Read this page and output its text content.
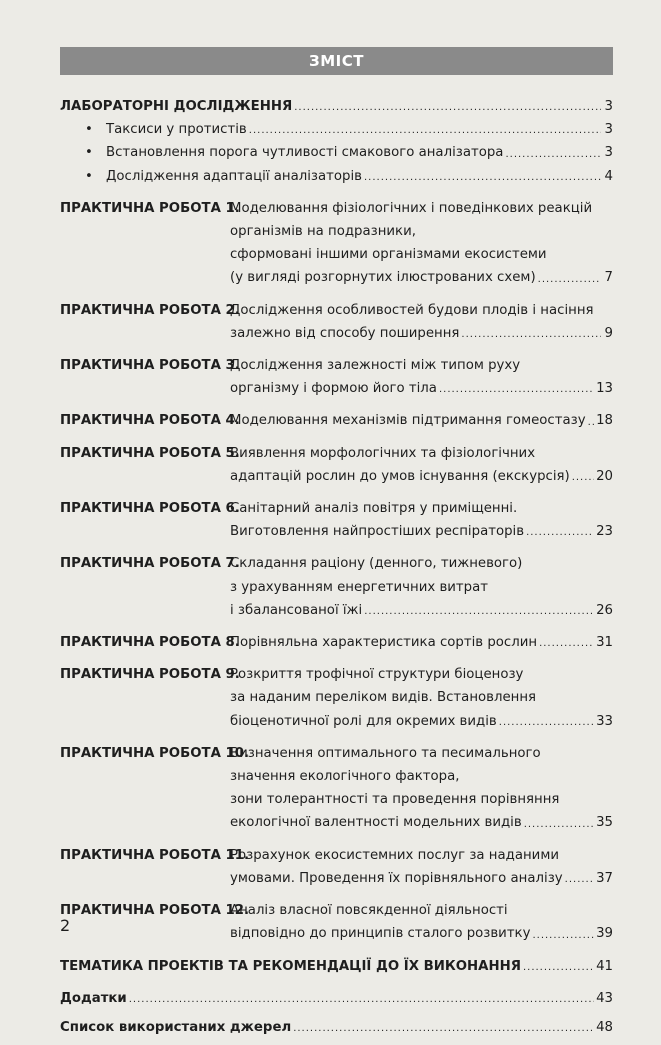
ЗМІСТ
ЛАБОРАТОРНІ ДОСЛІДЖЕННЯ .....	3
•
Таксиси у протистів .....	3
•
Встановлення порога чутливості смакового аналізатора .....	3
•
Дослідження адаптації аналізаторів .....	4
ПРАКТИЧНА РОБОТА 1.
Моделювання фізіологічних і поведінкових реакцій
організмів на подразники,
сформовані іншими організмами екосистеми
(у вигляді розгорнутих ілюстрованих схем) .....	7
ПРАКТИЧНА РОБОТА 2.
Дослідження особливостей будови плодів і насіння
залежно від способу поширення .....	9
ПРАКТИЧНА РОБОТА 3.
Дослідження залежності між типом руху
організму і формою його тіла .....	13
ПРАКТИЧНА РОБОТА 4.
Моделювання механізмів підтримання гомеостазу ..... 18
ПРАКТИЧНА РОБОТА 5.
Виявлення морфологічних та фізіологічних
адаптацій рослин до умов існування (екскурсія) ..... 20
ПРАКТИЧНА РОБОТА 6.
Санітарний аналіз повітря у приміщенні.
Виготовлення найпростіших респіраторів .....	23
ПРАКТИЧНА РОБОТА 7.
Складання раціону (денного, тижневого)
з урахуванням енергетичних витрат
і збалансованої їжі .....	26
ПРАКТИЧНА РОБОТА 8.
Порівняльна характеристика сортів рослин .....	31
ПРАКТИЧНА РОБОТА 9.
Розкриття трофічної структури біоценозу
за наданим переліком видів. Встановлення
біоценотичної ролі для окремих видів .....	33
ПРАКТИЧНА РОБОТА 10.
Визначення оптимального та песимального
значення екологічного фактора,
зони толерантності та проведення порівняння
екологічної валентності модельних видів .....	35
ПРАКТИЧНА РОБОТА 11.
Розрахунок екосистемних послуг за наданими
умовами. Проведення їх порівняльного аналізу .....	37
ПРАКТИЧНА РОБОТА 12.
Аналіз власної повсякденної діяльності
відповідно до принципів сталого розвитку .....	39
ТЕМАТИКА ПРОЕКТІВ ТА РЕКОМЕНДАЦІЇ ДО ЇХ ВИКОНАННЯ .....	41
Додатки .....	43
Список використаних джерел .....	48
2
